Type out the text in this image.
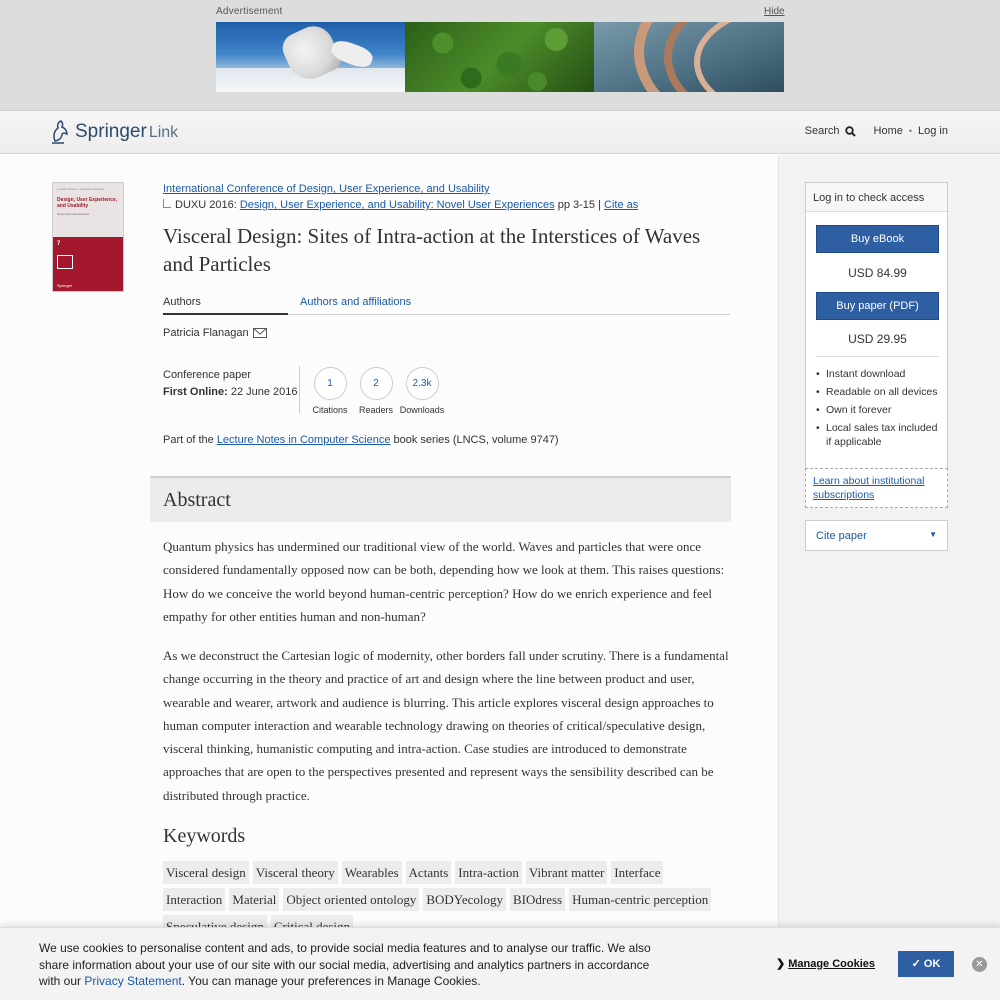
Advertisement	Hide
Springer Link	Search	Home • Log in
Lecture Notes in Computer Science
Design, User Experience, and Usability
Novel User Experiences
7
Springer
International Conference of Design, User Experience, and Usability
DUXU 2016: Design, User Experience, and Usability: Novel User Experiences pp 3-15 | Cite as
Visceral Design: Sites of Intra-action at the Interstices of Waves and Particles
Authors	Authors and affiliations
Patricia Flanagan
Conference paper
First Online: 22 June 2016
1
Citations
2
Readers
2.3k
Downloads
Part of the Lecture Notes in Computer Science book series (LNCS, volume 9747)
Abstract

Quantum physics has undermined our traditional view of the world. Waves and particles that were once considered fundamentally opposed now can be both, depending how we look at them. This raises questions: How do we conceive the world beyond human-centric perception? How do we enrich experience and feel empathy for other entities human and non-human?

As we deconstruct the Cartesian logic of modernity, other borders fall under scrutiny. There is a fundamental change occurring in the theory and practice of art and design where the line between product and user, wearable and wearer, artwork and audience is blurring. This article explores visceral design approaches to human computer interaction and wearable technology drawing on theories of critical/speculative design, visceral thinking, humanistic computing and intra-action. Case studies are introduced to demonstrate approaches that are open to the perspectives presented and represent ways the sensibility described can be distributed through practice.

Keywords
Visceral design Visceral theory Wearables Actants Intra-action Vibrant matter Interface
Interaction Material Object oriented ontology BODYecology BIOdress Human-centric perception
Log in to check access
Buy eBook
USD 84.99
Buy paper (PDF)
USD 29.95
• Instant download
• Readable on all devices
• Own it forever
• Local sales tax included if applicable
Learn about institutional subscriptions
Cite paper	▼
We use cookies to personalise content and ads, to provide social media features and to analyse our traffic. We also share information about your use of our site with our social media, advertising and analytics partners in accordance with our Privacy Statement. You can manage your preferences in Manage Cookies.
❯ Manage Cookies	✓ OK	✕
